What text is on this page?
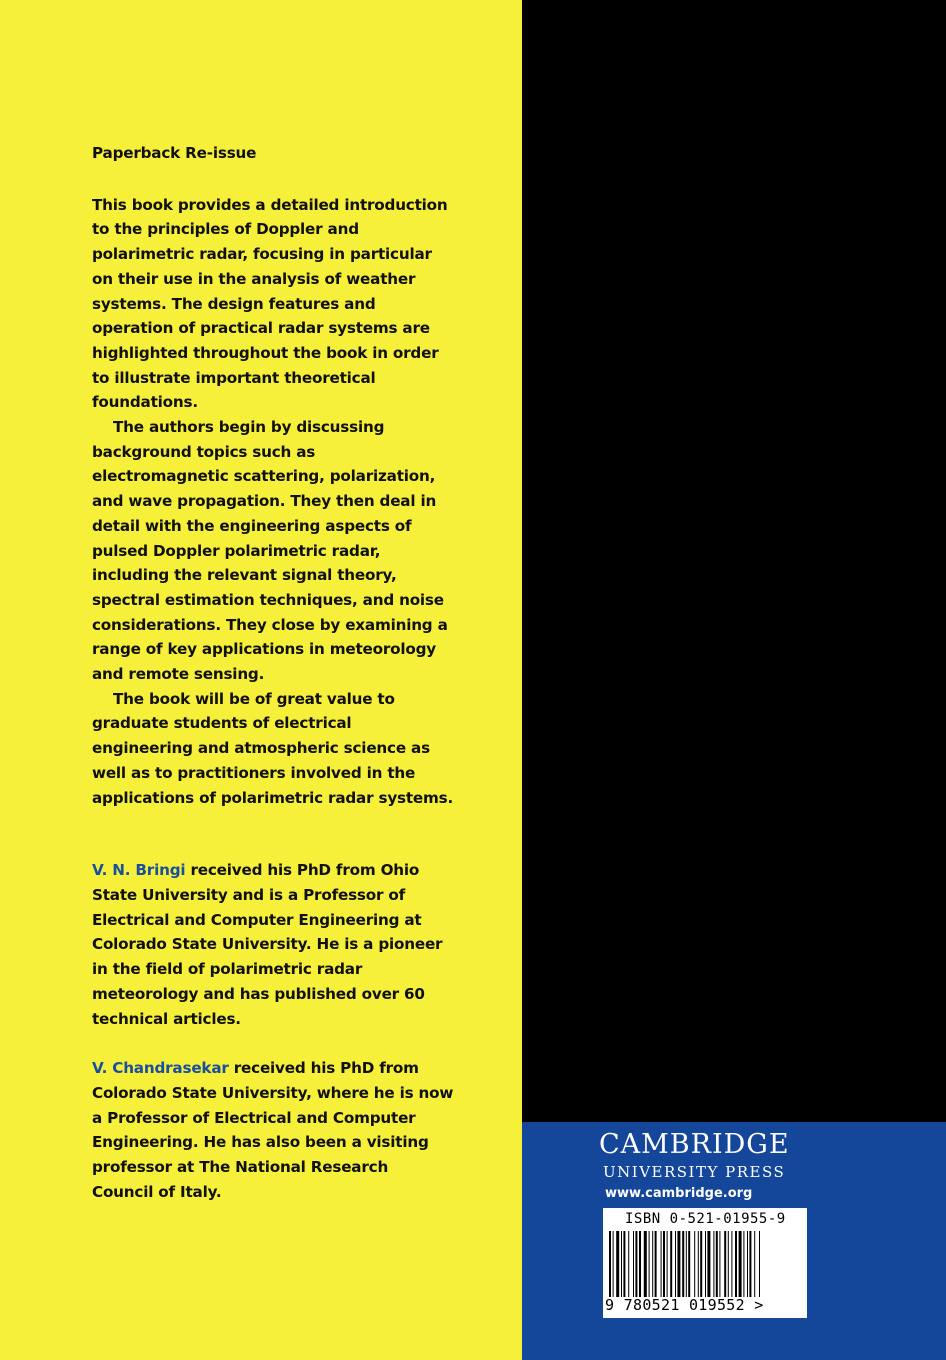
Paperback Re-issue

This book provides a detailed introduction to the principles of Doppler and polarimetric radar, focusing in particular on their use in the analysis of weather systems. The design features and operation of practical radar systems are highlighted throughout the book in order to illustrate important theoretical foundations.

The authors begin by discussing background topics such as electromagnetic scattering, polarization, and wave propagation. They then deal in detail with the engineering aspects of pulsed Doppler polarimetric radar, including the relevant signal theory, spectral estimation techniques, and noise considerations. They close by examining a range of key applications in meteorology and remote sensing.

The book will be of great value to graduate students of electrical engineering and atmospheric science as well as to practitioners involved in the applications of polarimetric radar systems.

V. N. Bringi received his PhD from Ohio State University and is a Professor of Electrical and Computer Engineering at Colorado State University. He is a pioneer in the field of polarimetric radar meteorology and has published over 60 technical articles.

V. Chandrasekar received his PhD from Colorado State University, where he is now a Professor of Electrical and Computer Engineering. He has also been a visiting professor at The National Research Council of Italy.

CAMBRIDGE
UNIVERSITY PRESS
www.cambridge.org
ISBN 0-521-01955-9
9 780521 019552 >
